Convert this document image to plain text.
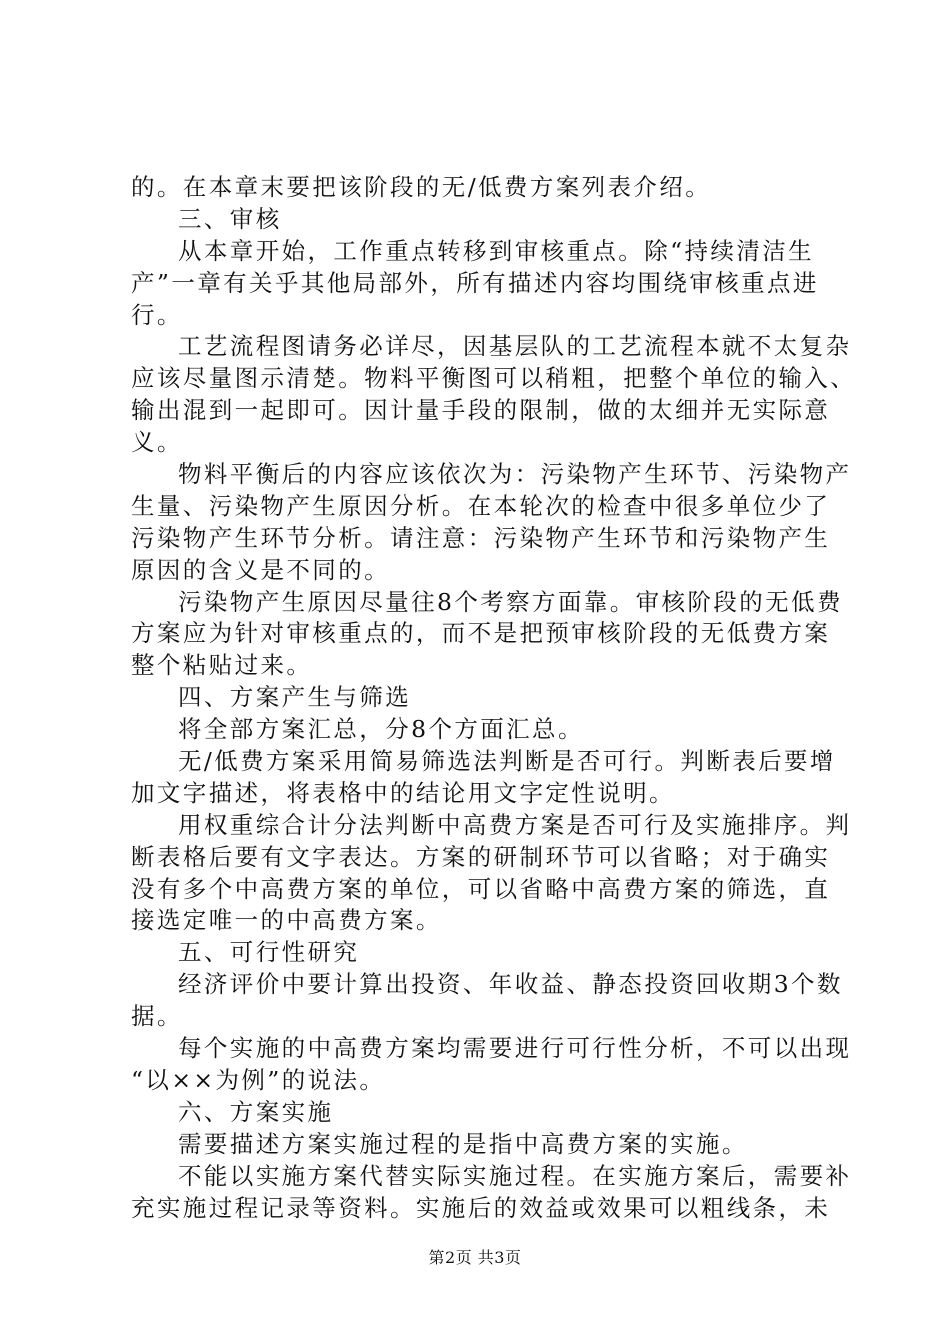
的。在本章末要把该阶段的无/低费方案列表介绍。
三、审核
从本章开始，工作重点转移到审核重点。除“持续清洁生
产”一章有关乎其他局部外，所有描述内容均围绕审核重点进
行。
工艺流程图请务必详尽，因基层队的工艺流程本就不太复杂
应该尽量图示清楚。物料平衡图可以稍粗，把整个单位的输入、
输出混到一起即可。因计量手段的限制，做的太细并无实际意
义。
物料平衡后的内容应该依次为：污染物产生环节、污染物产
生量、污染物产生原因分析。在本轮次的检查中很多单位少了
污染物产生环节分析。请注意：污染物产生环节和污染物产生
原因的含义是不同的。
污染物产生原因尽量往8个考察方面靠。审核阶段的无低费
方案应为针对审核重点的，而不是把预审核阶段的无低费方案
整个粘贴过来。
四、方案产生与筛选
将全部方案汇总，分8个方面汇总。
无/低费方案采用简易筛选法判断是否可行。判断表后要增
加文字描述，将表格中的结论用文字定性说明。
用权重综合计分法判断中高费方案是否可行及实施排序。判
断表格后要有文字表达。方案的研制环节可以省略；对于确实
没有多个中高费方案的单位，可以省略中高费方案的筛选，直
接选定唯一的中高费方案。
五、可行性研究
经济评价中要计算出投资、年收益、静态投资回收期3个数
据。
每个实施的中高费方案均需要进行可行性分析，不可以出现
“以××为例”的说法。
六、方案实施
需要描述方案实施过程的是指中高费方案的实施。
不能以实施方案代替实际实施过程。在实施方案后，需要补
充实施过程记录等资料。实施后的效益或效果可以粗线条，未
第2页 共3页
